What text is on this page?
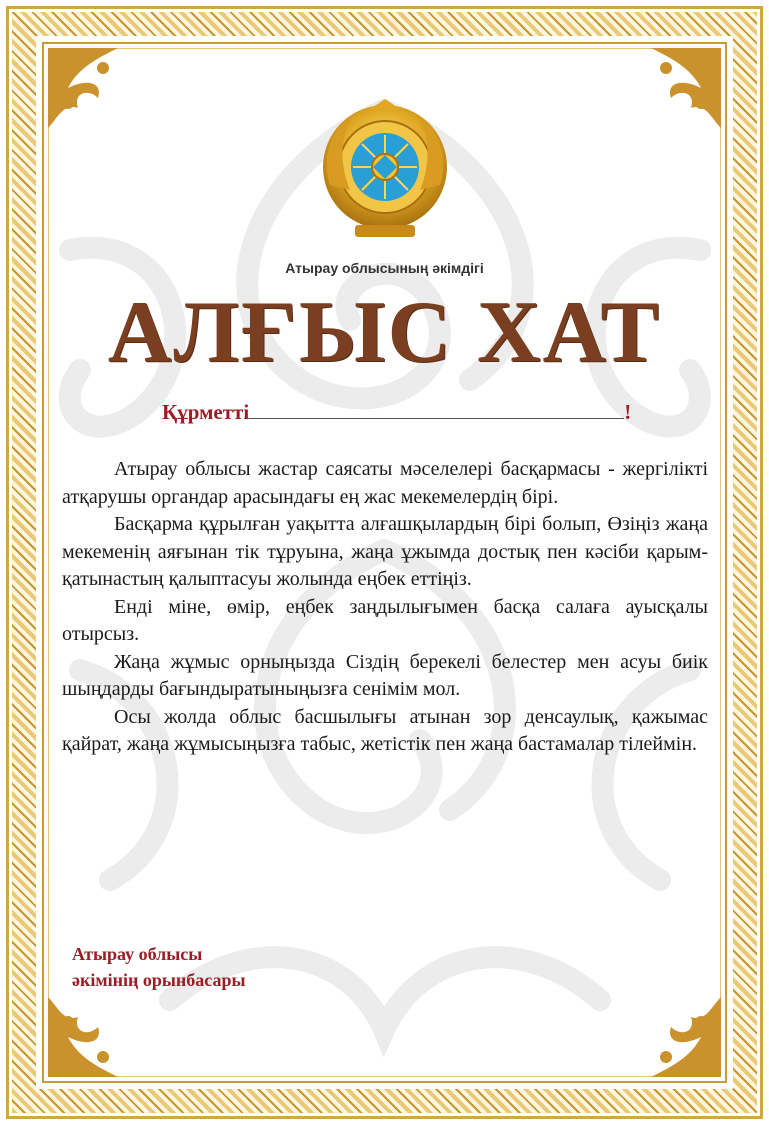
Атырау облысының әкімдігі
АЛҒЫС ХАТ
Құрметті	!

Атырау облысы жастар саясаты мәселелері басқармасы - жергілікті атқарушы органдар арасындағы ең жас мекемелердің бірі.

Басқарма құрылған уақытта алғашқылардың бірі болып, Өзіңіз жаңа мекеменің аяғынан тік тұруына, жаңа ұжымда достық пен кәсіби қарым-қатынастың қалыптасуы жолында еңбек еттіңіз.

Енді міне, өмір, еңбек заңдылығымен басқа салаға ауысқалы отырсыз.

Жаңа жұмыс орныңызда Сіздің берекелі белестер мен асуы биік шыңдарды бағындыратыныңызға сенімім мол.

Осы жолда облыс басшылығы атынан зор денсаулық, қажымас қайрат, жаңа жұмысыңызға табыс, жетістік пен жаңа бастамалар тілеймін.

Атырау облысы
әкімінің орынбасары
